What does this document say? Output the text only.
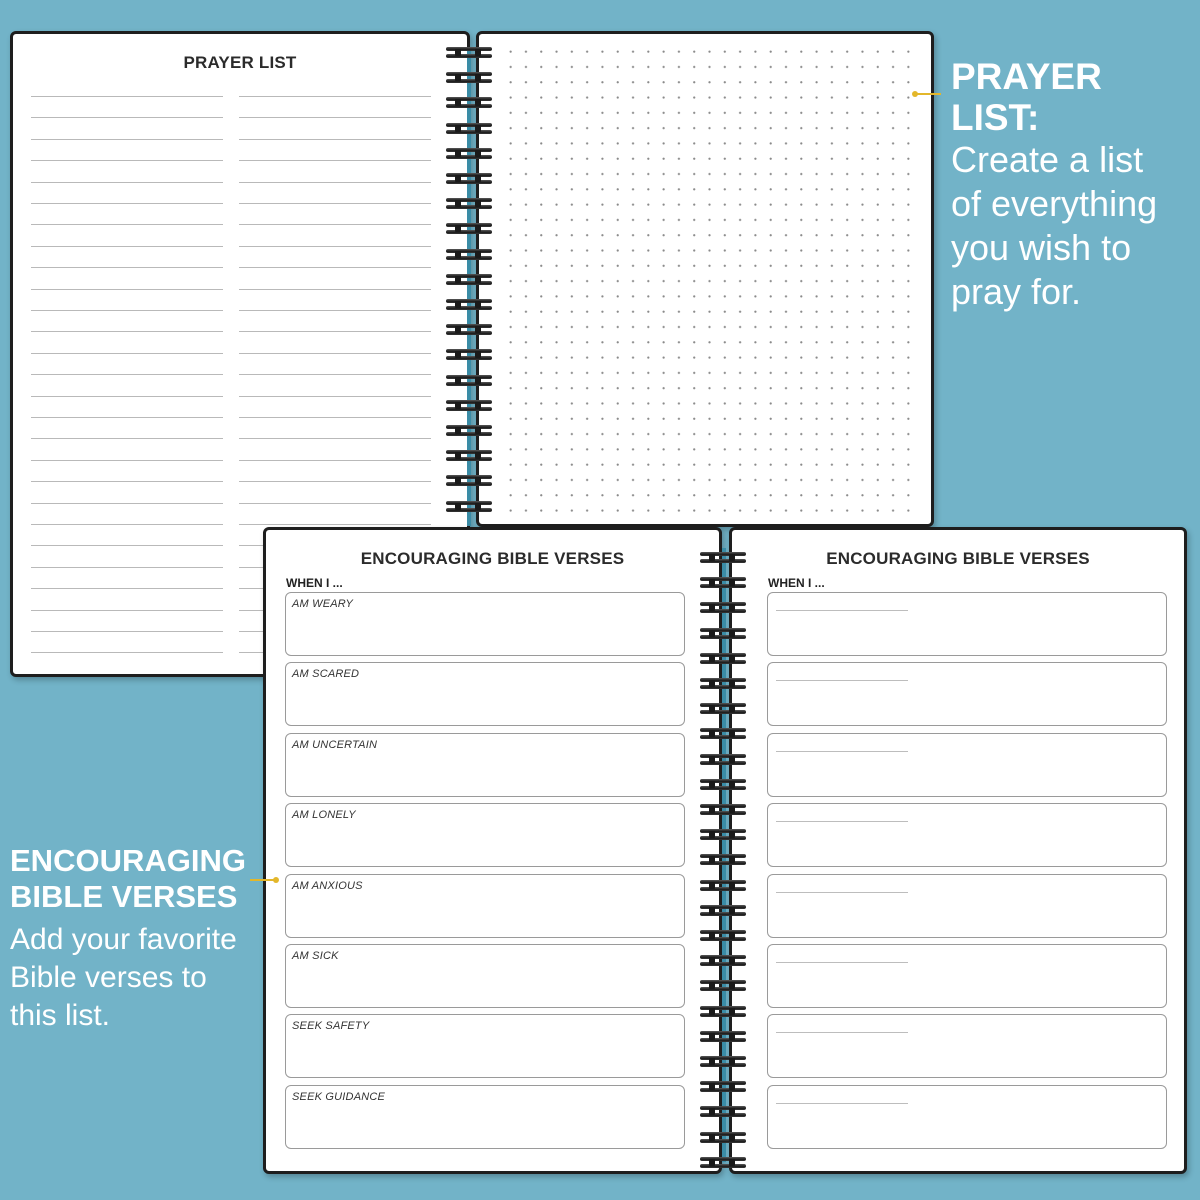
PRAYER LIST
ENCOURAGING BIBLE VERSES
WHEN I ...
AM WEARY
AM SCARED
AM UNCERTAIN
AM LONELY
AM ANXIOUS
AM SICK
SEEK SAFETY
SEEK GUIDANCE
ENCOURAGING BIBLE VERSES
WHEN I ...
PRAYER
LIST:
Create a list
of everything
you wish to
pray for.
ENCOURAGING
BIBLE VERSES
Add your favorite
Bible verses to
this list.
